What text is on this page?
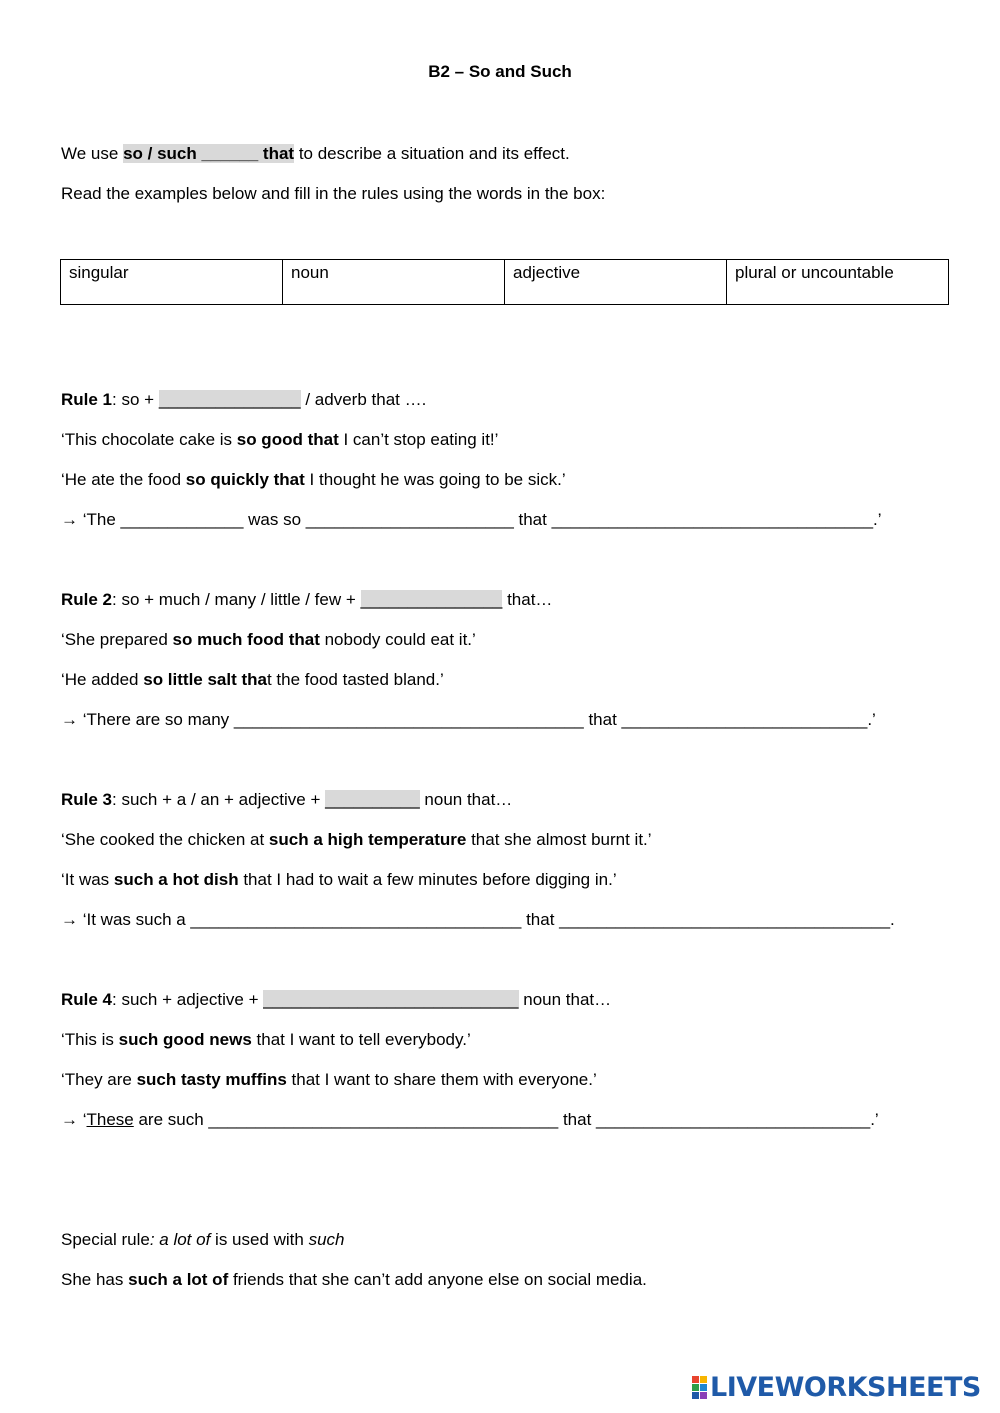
B2 – So and Such
We use so / such ______ that to describe a situation and its effect.
Read the examples below and fill in the rules using the words in the box:
singular	noun	adjective	plural or uncountable
Rule 1: so + _______________ / adverb that ….
‘This chocolate cake is so good that I can’t stop eating it!’
‘He ate the food so quickly that I thought he was going to be sick.’
→ ‘The _____________ was so ______________________ that __________________________________.’
Rule 2: so + much / many / little / few + _______________ that…
‘She prepared so much food that nobody could eat it.’
‘He added so little salt that the food tasted bland.’
→ ‘There are so many _____________________________________ that __________________________.’
Rule 3: such + a / an + adjective + __________ noun that…
‘She cooked the chicken at such a high temperature that she almost burnt it.’
‘It was such a hot dish that I had to wait a few minutes before digging in.’
→ ‘It was such a ___________________________________ that ___________________________________.
Rule 4: such + adjective + ___________________________ noun that…
‘This is such good news that I want to tell everybody.’
‘They are such tasty muffins that I want to share them with everyone.’
→ ‘These are such _____________________________________ that _____________________________.’
Special rule: a lot of is used with such
She has such a lot of friends that she can’t add anyone else on social media.
LIVEWORKSHEETS
